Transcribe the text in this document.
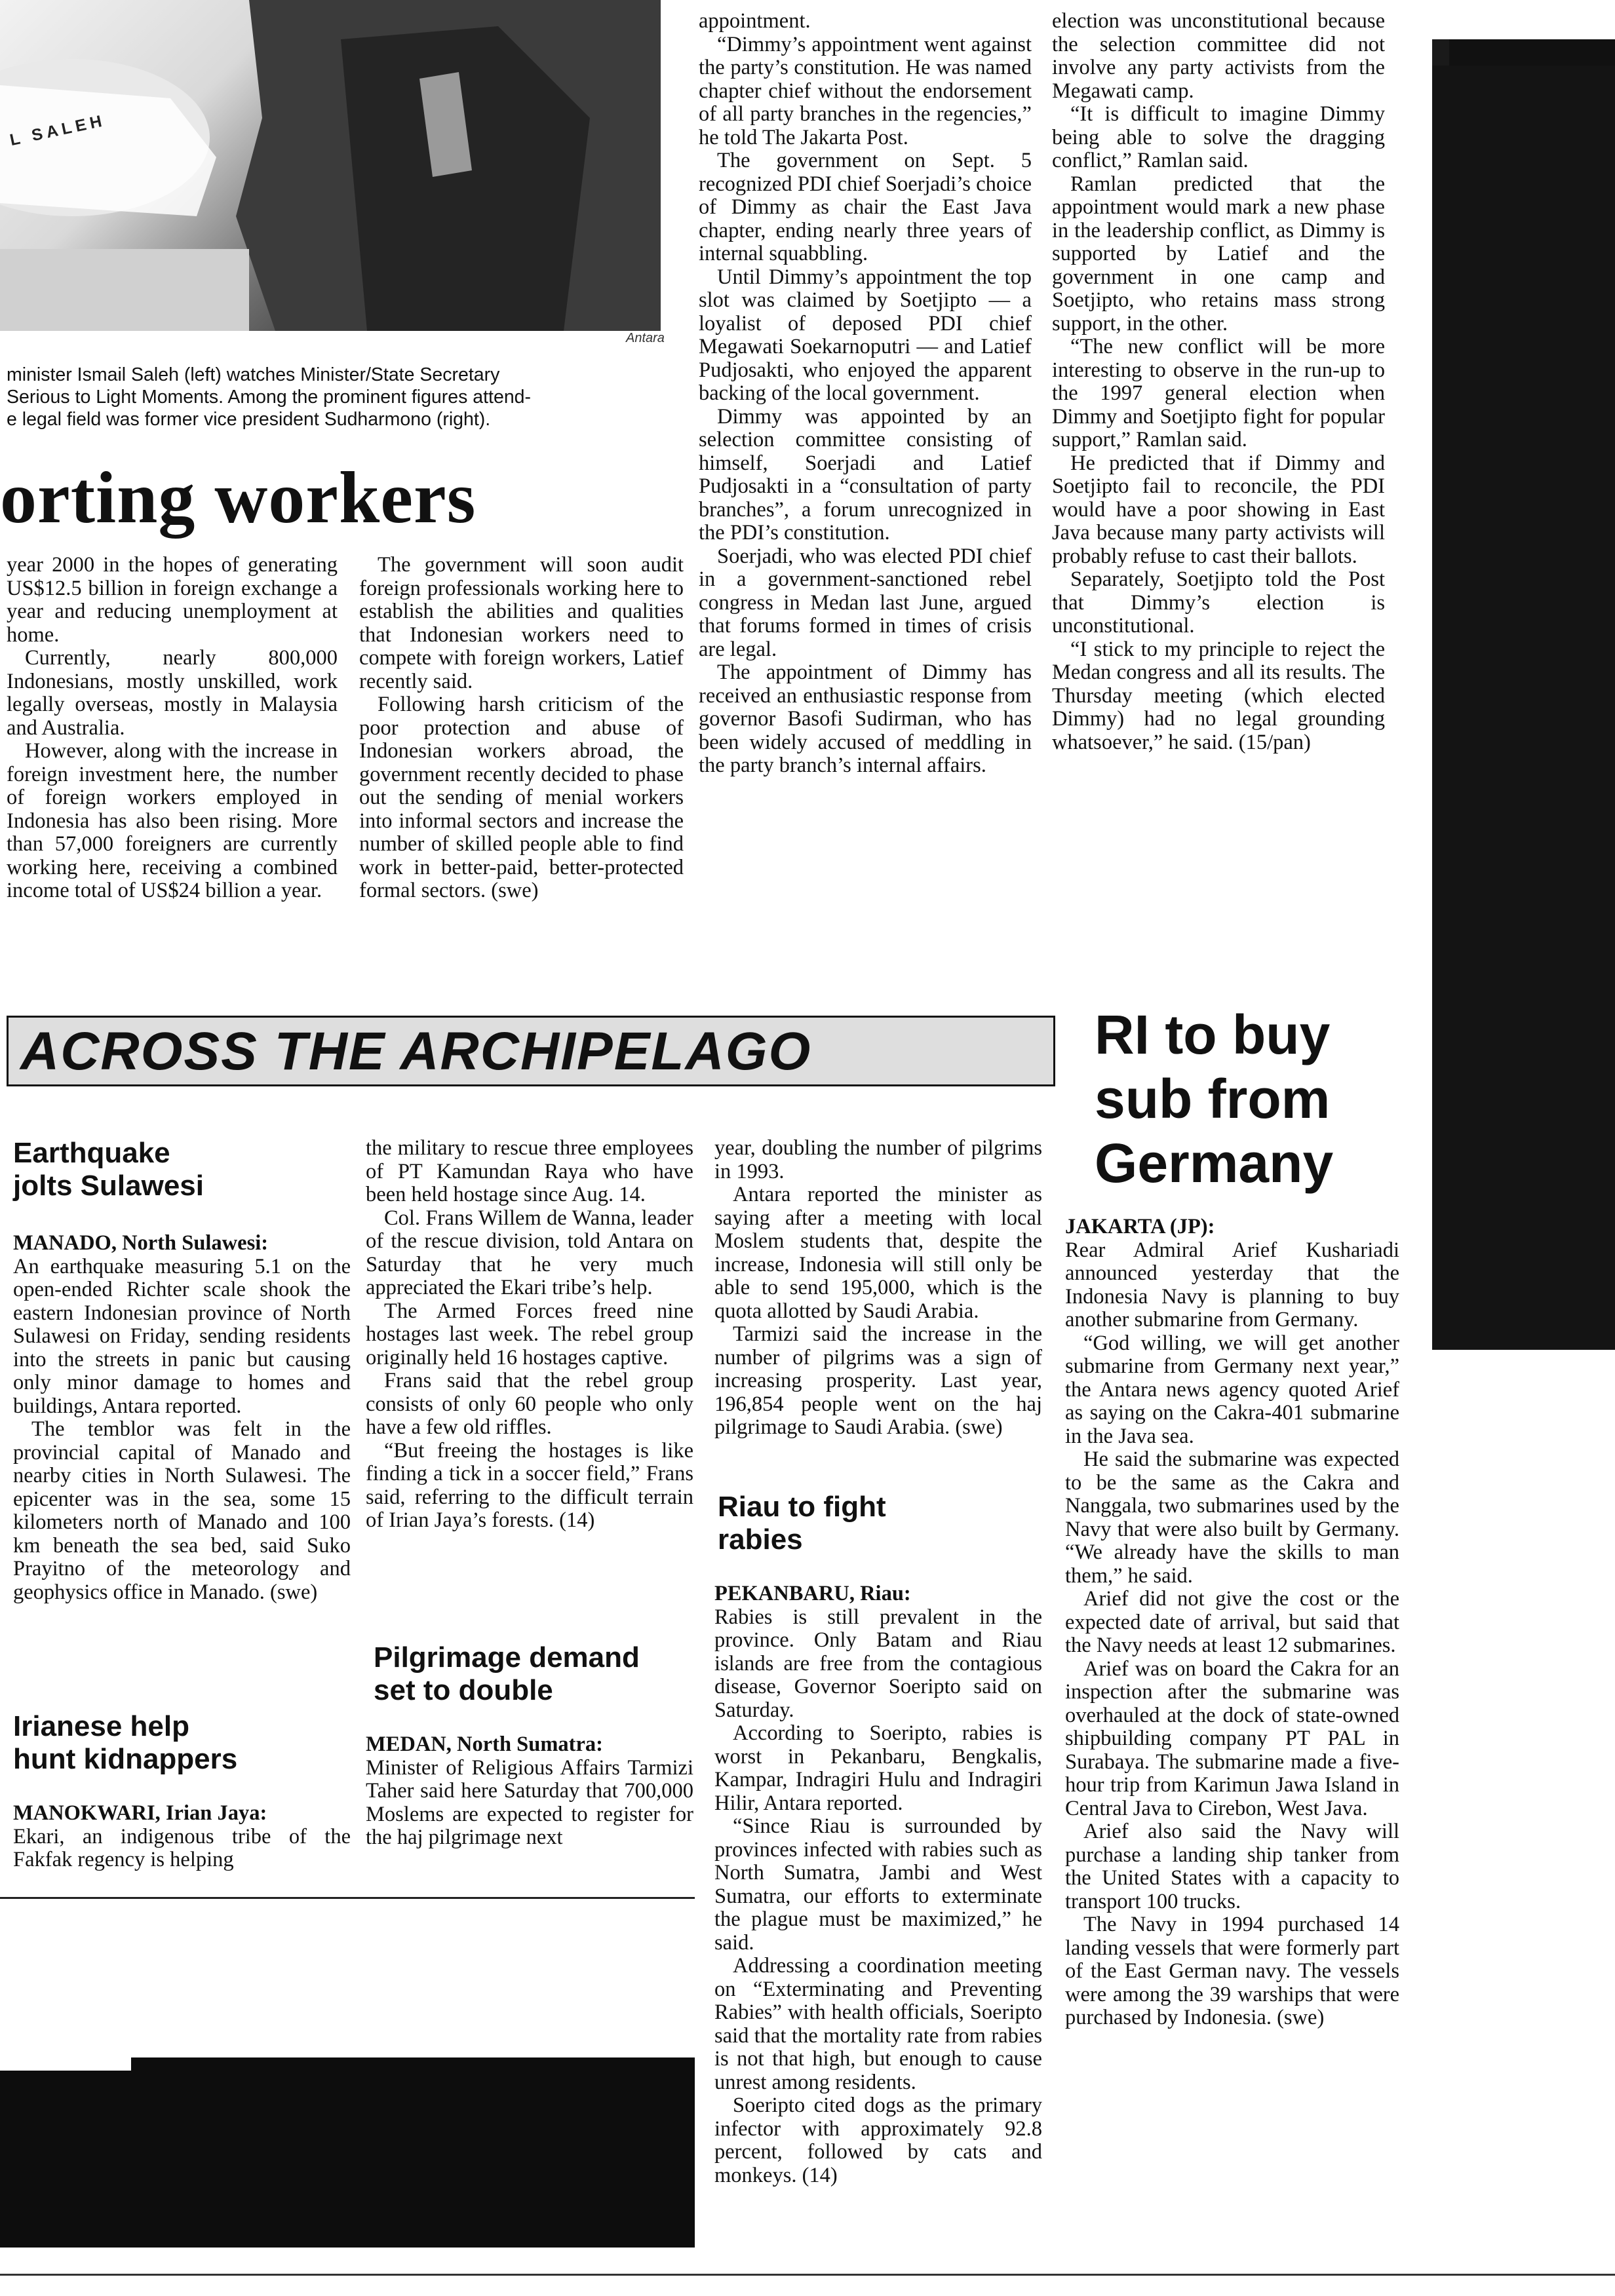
L SALEH
Antara
minister Ismail Saleh (left) watches Minister/State Secretary
Serious to Light Moments. Among the prominent figures attend-
e legal field was former vice president Sudharmono (right).
orting workers

year 2000 in the hopes of generating US$12.5 billion in foreign exchange a year and reducing unemployment at home.

Currently, nearly 800,000 Indonesians, mostly unskilled, work legally overseas, mostly in Malaysia and Australia.

However, along with the increase in foreign investment here, the number of foreign workers employed in Indonesia has also been rising. More than 57,000 foreigners are currently working here, receiving a combined income total of US$24 billion a year.

The government will soon audit foreign professionals working here to establish the abilities and qualities that Indonesian workers need to compete with foreign workers, Latief recently said.

Following harsh criticism of the poor protection and abuse of Indonesian workers abroad, the government recently decided to phase out the sending of menial workers into informal sectors and increase the number of skilled people able to find work in better-paid, better-protected formal sectors. (swe)

appointment.

“Dimmy’s appointment went against the party’s constitution. He was named chapter chief without the endorsement of all party branches in the regencies,” he told The Jakarta Post.

The government on Sept. 5 recognized PDI chief Soerjadi’s choice of Dimmy as chair the East Java chapter, ending nearly three years of internal squabbling.

Until Dimmy’s appointment the top slot was claimed by Soetjipto — a loyalist of deposed PDI chief Megawati Soekarnoputri — and Latief Pudjosakti, who enjoyed the apparent backing of the local government.

Dimmy was appointed by an selection committee consisting of himself, Soerjadi and Latief Pudjosakti in a “consultation of party branches”, a forum unrecognized in the PDI’s constitution.

Soerjadi, who was elected PDI chief in a government-sanctioned rebel congress in Medan last June, argued that forums formed in times of crisis are legal.

The appointment of Dimmy has received an enthusiastic response from governor Basofi Sudirman, who has been widely accused of meddling in the party branch’s internal affairs.

election was unconstitutional because the selection committee did not involve any party activists from the Megawati camp.

“It is difficult to imagine Dimmy being able to solve the dragging conflict,” Ramlan said.

Ramlan predicted that the appointment would mark a new phase in the leadership conflict, as Dimmy is supported by Latief and the government in one camp and Soetjipto, who retains mass strong support, in the other.

“The new conflict will be more interesting to observe in the run-up to the 1997 general election when Dimmy and Soetjipto fight for popular support,” Ramlan said.

He predicted that if Dimmy and Soetjipto fail to reconcile, the PDI would have a poor showing in East Java because many party activists will probably refuse to cast their ballots.

Separately, Soetjipto told the Post that Dimmy’s election is unconstitutional.

“I stick to my principle to reject the Medan congress and all its results. The Thursday meeting (which elected Dimmy) had no legal grounding whatsoever,” he said. (15/pan)

ACROSS THE ARCHIPELAGO	RI to buy
sub from
Germany
Earthquake
jolts Sulawesi

MANADO, North Sulawesi:

An earthquake measuring 5.1 on the open-ended Richter scale shook the eastern Indonesian province of North Sulawesi on Friday, sending residents into the streets in panic but causing only minor damage to homes and buildings, Antara reported.

The temblor was felt in the provincial capital of Manado and nearby cities in North Sulawesi. The epicenter was in the sea, some 15 kilometers north of Manado and 100 km beneath the sea bed, said Suko Prayitno of the meteorology and geophysics office in Manado. (swe)

Irianese help
hunt kidnappers

MANOKWARI, Irian Jaya:

Ekari, an indigenous tribe of the Fakfak regency is helping

the military to rescue three employees of PT Kamundan Raya who have been held hostage since Aug. 14.

Col. Frans Willem de Wanna, leader of the rescue division, told Antara on Saturday that he very much appreciated the Ekari tribe’s help.

The Armed Forces freed nine hostages last week. The rebel group originally held 16 hostages captive.

Frans said that the rebel group consists of only 60 people who only have a few old riffles.

“But freeing the hostages is like finding a tick in a soccer field,” Frans said, referring to the difficult terrain of Irian Jaya’s forests. (14)

Pilgrimage demand
set to double

MEDAN, North Sumatra:

Minister of Religious Affairs Tarmizi Taher said here Saturday that 700,000 Moslems are expected to register for the haj pilgrimage next

year, doubling the number of pilgrims in 1993.

Antara reported the minister as saying after a meeting with local Moslem students that, despite the increase, Indonesia will still only be able to send 195,000, which is the quota allotted by Saudi Arabia.

Tarmizi said the increase in the number of pilgrims was a sign of increasing prosperity. Last year, 196,854 people went on the haj pilgrimage to Saudi Arabia. (swe)

Riau to fight
rabies

PEKANBARU, Riau:

Rabies is still prevalent in the province. Only Batam and Riau islands are free from the contagious disease, Governor Soeripto said on Saturday.

According to Soeripto, rabies is worst in Pekanbaru, Bengkalis, Kampar, Indragiri Hulu and Indragiri Hilir, Antara reported.

“Since Riau is surrounded by provinces infected with rabies such as North Sumatra, Jambi and West Sumatra, our efforts to exterminate the plague must be maximized,” he said.

Addressing a coordination meeting on “Exterminating and Preventing Rabies” with health officials, Soeripto said that the mortality rate from rabies is not that high, but enough to cause unrest among residents.

Soeripto cited dogs as the primary infector with approximately 92.8 percent, followed by cats and monkeys. (14)

JAKARTA (JP):

Rear Admiral Arief Kushariadi announced yesterday that the Indonesia Navy is planning to buy another submarine from Germany.

“God willing, we will get another submarine from Germany next year,” the Antara news agency quoted Arief as saying on the Cakra-401 submarine in the Java sea.

He said the submarine was expected to be the same as the Cakra and Nanggala, two submarines used by the Navy that were also built by Germany. “We already have the skills to man them,” he said.

Arief did not give the cost or the expected date of arrival, but said that the Navy needs at least 12 submarines.

Arief was on board the Cakra for an inspection after the submarine was overhauled at the dock of state-owned shipbuilding company PT PAL in Surabaya. The submarine made a five-hour trip from Karimun Jawa Island in Central Java to Cirebon, West Java.

Arief also said the Navy will purchase a landing ship tanker from the United States with a capacity to transport 100 trucks.

The Navy in 1994 purchased 14 landing vessels that were formerly part of the East German navy. The vessels were among the 39 warships that were purchased by Indonesia. (swe)
